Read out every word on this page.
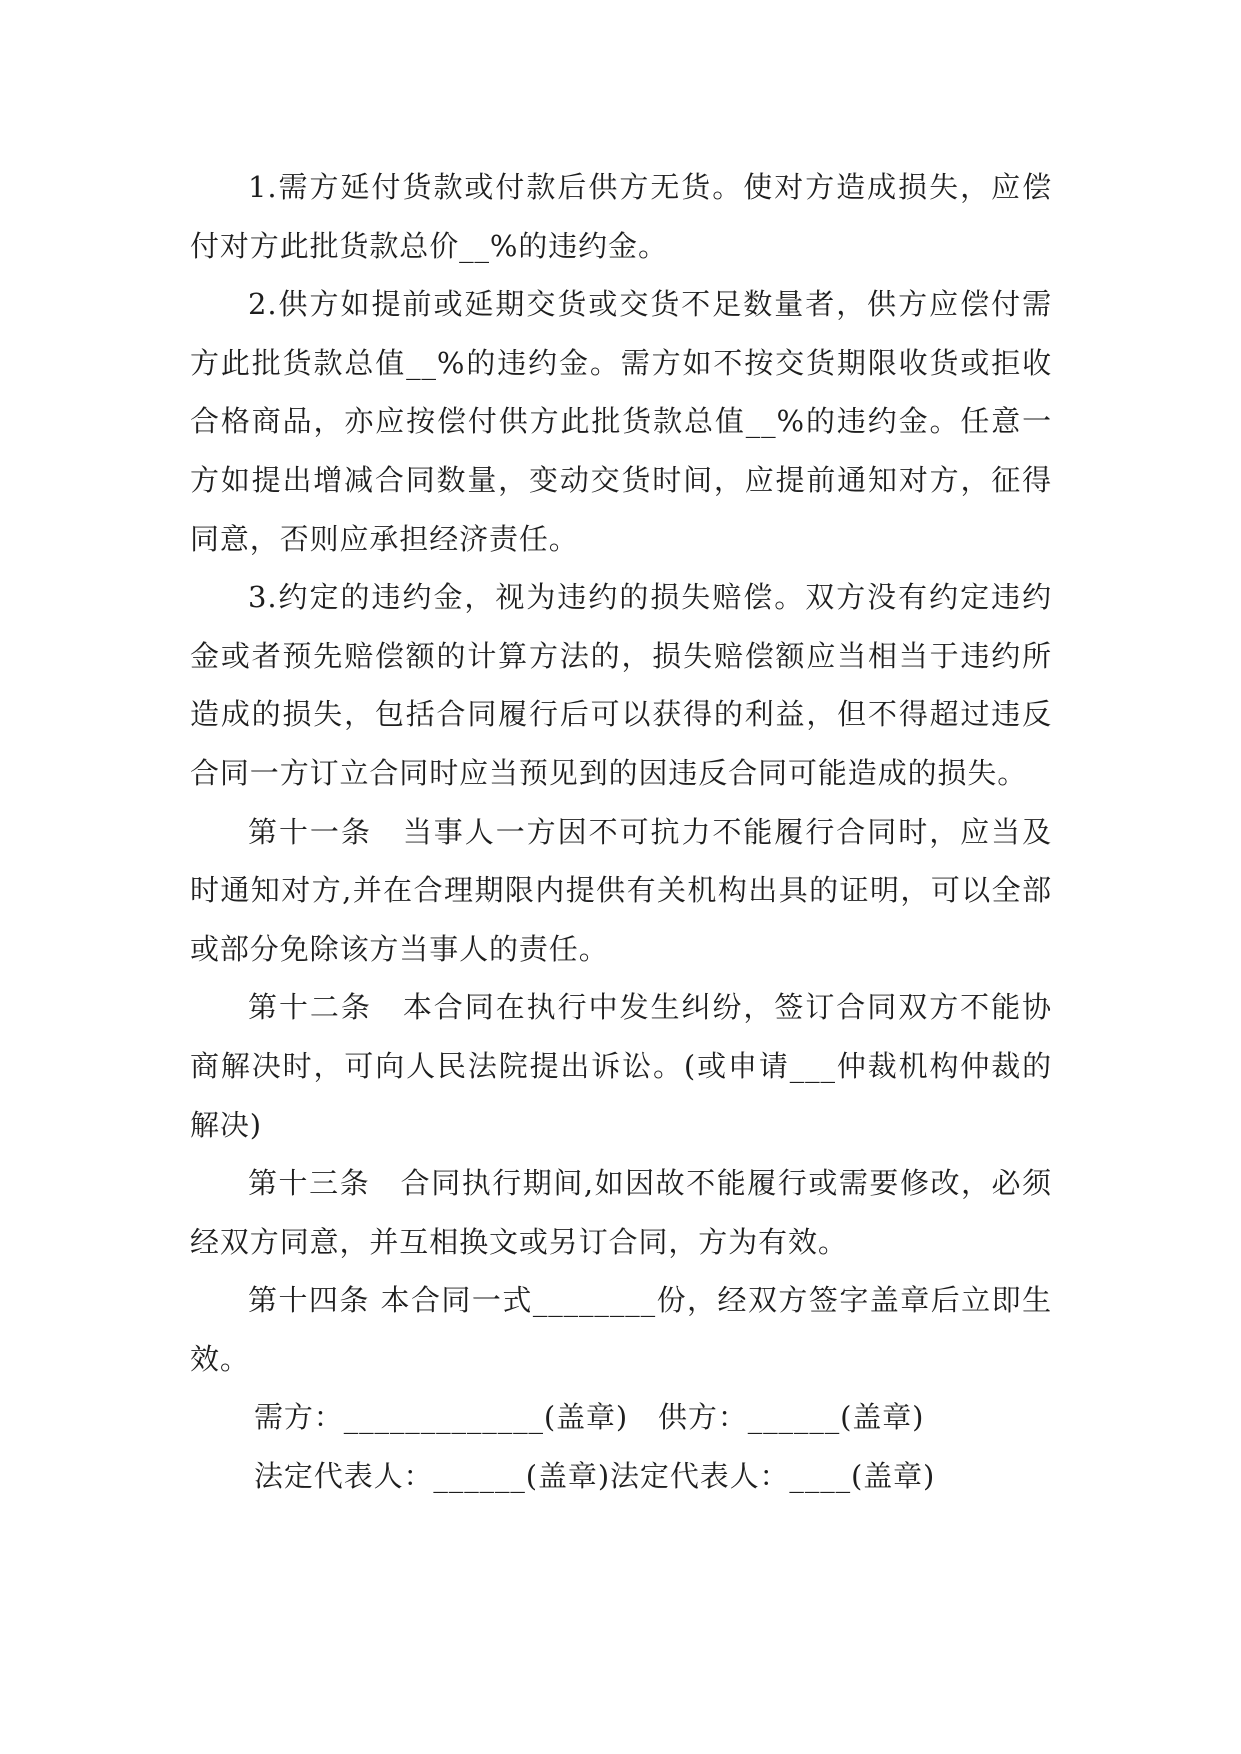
1.需方延付货款或付款后供方无货。使对方造成损失，应偿付对方此批货款总价__%的违约金。

2.供方如提前或延期交货或交货不足数量者，供方应偿付需方此批货款总值__%的违约金。需方如不按交货期限收货或拒收合格商品，亦应按偿付供方此批货款总值__%的违约金。任意一方如提出增减合同数量，变动交货时间，应提前通知对方，征得同意，否则应承担经济责任。

3.约定的违约金，视为违约的损失赔偿。双方没有约定违约金或者预先赔偿额的计算方法的，损失赔偿额应当相当于违约所造成的损失，包括合同履行后可以获得的利益，但不得超过违反合同一方订立合同时应当预见到的因违反合同可能造成的损失。

第十一条　当事人一方因不可抗力不能履行合同时，应当及时通知对方,并在合理期限内提供有关机构出具的证明，可以全部或部分免除该方当事人的责任。

第十二条　本合同在执行中发生纠纷，签订合同双方不能协商解决时，可向人民法院提出诉讼。(或申请___仲裁机构仲裁的解决)

第十三条　合同执行期间,如因故不能履行或需要修改，必须经双方同意，并互相换文或另订合同，方为有效。

第十四条 本合同一式________份，经双方签字盖章后立即生效。

需方：_____________(盖章)　供方：______(盖章)

法定代表人：______(盖章)法定代表人：____(盖章)
